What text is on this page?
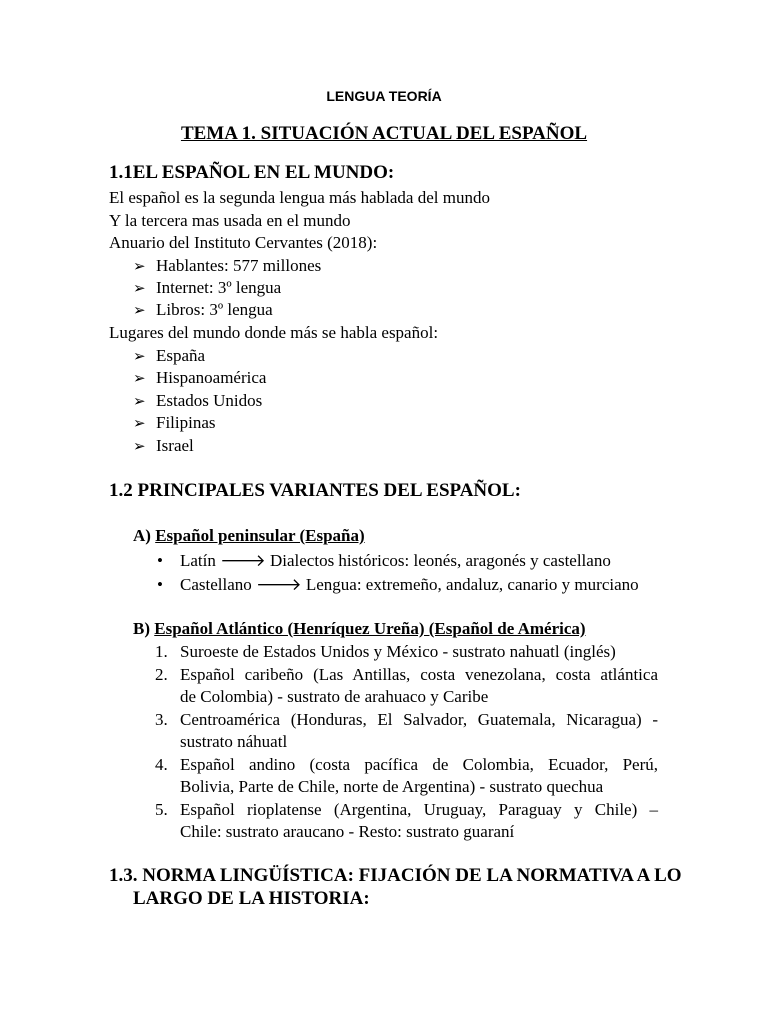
LENGUA TEORÍA
TEMA 1. SITUACIÓN ACTUAL DEL ESPAÑOL
1.1EL ESPAÑOL EN EL MUNDO:
El español es la segunda lengua más hablada del mundo
Y la tercera mas usada en el mundo
Anuario del Instituto Cervantes (2018):
➢ Hablantes: 577 millones
➢ Internet: 3º lengua
➢ Libros: 3º lengua
Lugares del mundo donde más se habla español:
➢ España
➢ Hispanoamérica
➢ Estados Unidos
➢ Filipinas
➢ Israel
1.2 PRINCIPALES VARIANTES DEL ESPAÑOL:
A) Español peninsular (España)
• Latín 🡒 Dialectos históricos: leonés, aragonés y castellano
• Castellano 🡒 Lengua: extremeño, andaluz, canario y murciano
B) Español Atlántico (Henríquez Ureña) (Español de América)
1. Suroeste de Estados Unidos y México - sustrato nahuatl (inglés)
2. Español caribeño (Las Antillas, costa venezolana, costa atlántica
de Colombia) - sustrato de arahuaco y Caribe
3. Centroamérica (Honduras, El Salvador, Guatemala, Nicaragua) -
sustrato náhuatl
4. Español andino (costa pacífica de Colombia, Ecuador, Perú,
Bolivia, Parte de Chile, norte de Argentina) - sustrato quechua
5. Español rioplatense (Argentina, Uruguay, Paraguay y Chile) –
Chile: sustrato araucano - Resto: sustrato guaraní
1.3. NORMA LINGÜÍSTICA: FIJACIÓN DE LA NORMATIVA A LO
LARGO DE LA HISTORIA:
